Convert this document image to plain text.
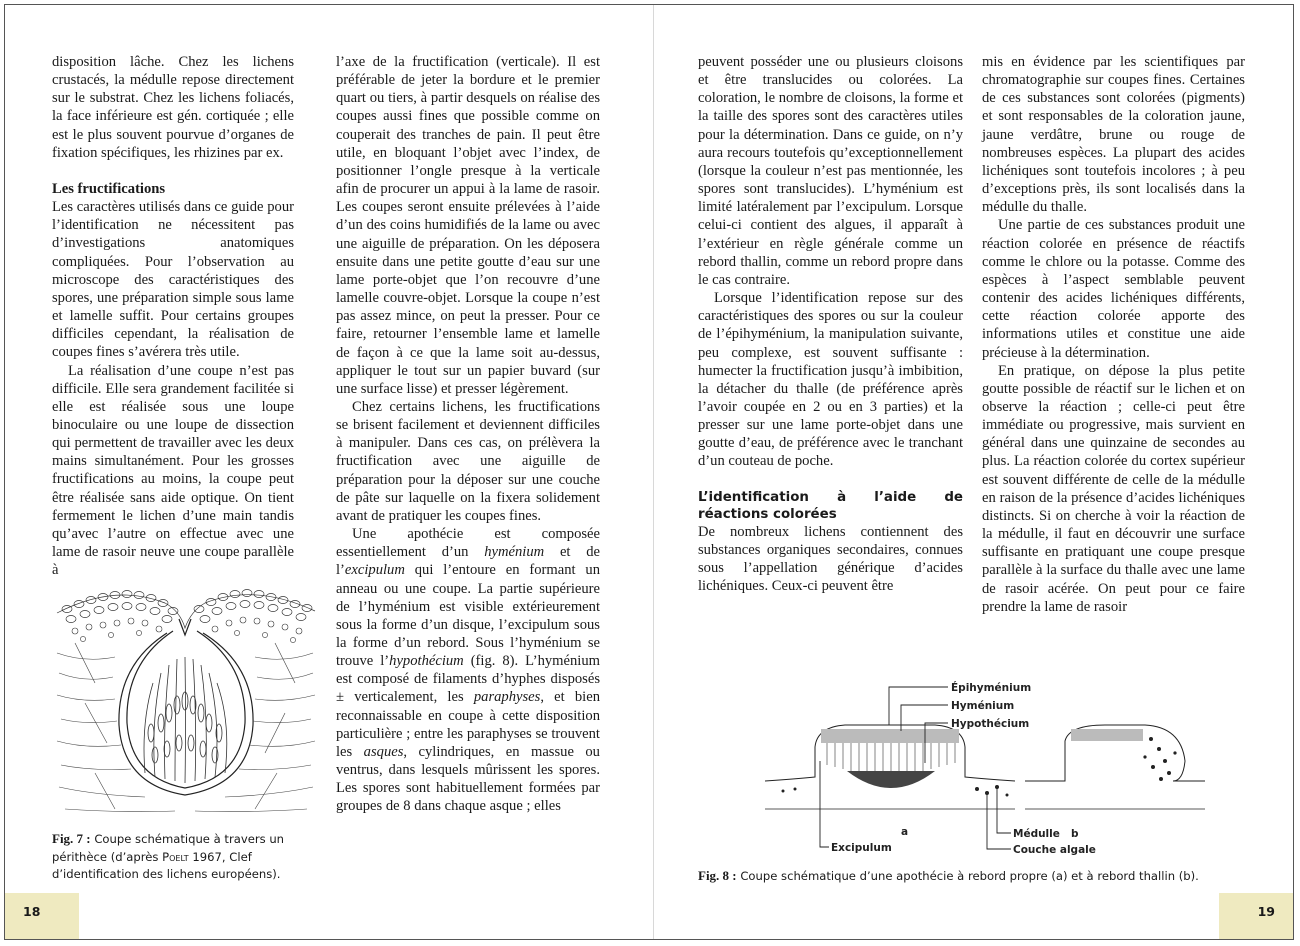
disposition lâche. Chez les lichens crustacés, la médulle repose directement sur le substrat. Chez les lichens foliacés, la face inférieure est gén. cortiquée ; elle est le plus souvent pourvue d’organes de fixation spécifiques, les rhizines par ex.

Les fructifications

Les caractères utilisés dans ce guide pour l’identification ne nécessitent pas d’investigations anatomiques compliquées. Pour l’observation au microscope des caractéristiques des spores, une préparation simple sous lame et lamelle suffit. Pour certains groupes difficiles cependant, la réalisation de coupes fines s’avérera très utile.

La réalisation d’une coupe n’est pas difficile. Elle sera grandement facilitée si elle est réalisée sous une loupe binoculaire ou une loupe de dissection qui permettent de travailler avec les deux mains simultanément. Pour les grosses fructifications au moins, la coupe peut être réalisée sans aide optique. On tient fermement le lichen d’une main tandis qu’avec l’autre on effectue avec une lame de rasoir neuve une coupe parallèle à

Fig. 7 : Coupe schématique à travers un périthèce (d’après Poelt 1967, Clef d’identification des lichens européens).

l’axe de la fructification (verticale). Il est préférable de jeter la bordure et le premier quart ou tiers, à partir desquels on réalise des coupes aussi fines que possible comme on couperait des tranches de pain. Il peut être utile, en bloquant l’objet avec l’index, de positionner l’ongle presque à la verticale afin de procurer un appui à la lame de rasoir. Les coupes seront ensuite prélevées à l’aide d’un des coins humidifiés de la lame ou avec une aiguille de préparation. On les déposera ensuite dans une petite goutte d’eau sur une lame porte-objet que l’on recouvre d’une lamelle couvre-objet. Lorsque la coupe n’est pas assez mince, on peut la presser. Pour ce faire, retourner l’ensemble lame et lamelle de façon à ce que la lame soit au-dessus, appliquer le tout sur un papier buvard (sur une surface lisse) et presser légèrement.

Chez certains lichens, les fructifications se brisent facilement et deviennent difficiles à manipuler. Dans ces cas, on prélèvera la fructification avec une aiguille de préparation pour la déposer sur une couche de pâte sur laquelle on la fixera solidement avant de pratiquer les coupes fines.

Une apothécie est composée essentiellement d’un hyménium et de l’excipulum qui l’entoure en formant un anneau ou une coupe. La partie supérieure de l’hyménium est visible extérieurement sous la forme d’un disque, l’excipulum sous la forme d’un rebord. Sous l’hyménium se trouve l’hypothécium (fig. 8). L’hyménium est composé de filaments d’hyphes disposés ± verticalement, les paraphyses, et bien reconnaissable en coupe à cette disposition particulière ; entre les paraphyses se trouvent les asques, cylindriques, en massue ou ventrus, dans lesquels mûrissent les spores. Les spores sont habituellement formées par groupes de 8 dans chaque asque ; elles

peuvent posséder une ou plusieurs cloisons et être translucides ou colorées. La coloration, le nombre de cloisons, la forme et la taille des spores sont des caractères utiles pour la détermination. Dans ce guide, on n’y aura recours toutefois qu’exceptionnellement (lorsque la couleur n’est pas mentionnée, les spores sont translucides). L’hyménium est limité latéralement par l’excipulum. Lorsque celui-ci contient des algues, il apparaît à l’extérieur en règle générale comme un rebord thallin, comme un rebord propre dans le cas contraire.

Lorsque l’identification repose sur des caractéristiques des spores ou sur la couleur de l’épihyménium, la manipulation suivante, peu complexe, est souvent suffisante : humecter la fructification jusqu’à imbibition, la détacher du thalle (de préférence après l’avoir coupée en 2 ou en 3 parties) et la presser sur une lame porte-objet dans une goutte d’eau, de préférence avec le tranchant d’un couteau de poche.

L’identification à l’aide de réactions colorées

De nombreux lichens contiennent des substances organiques secondaires, connues sous l’appellation générique d’acides lichéniques. Ceux-ci peuvent être

mis en évidence par les scientifiques par chromatographie sur coupes fines. Certaines de ces substances sont colorées (pigments) et sont responsables de la coloration jaune, jaune verdâtre, brune ou rouge de nombreuses espèces. La plupart des acides lichéniques sont toutefois incolores ; à peu d’exceptions près, ils sont localisés dans la médulle du thalle.

Une partie de ces substances produit une réaction colorée en présence de réactifs comme le chlore ou la potasse. Comme des espèces à l’aspect semblable peuvent contenir des acides lichéniques différents, cette réaction colorée apporte des informations utiles et constitue une aide précieuse à la détermination.

En pratique, on dépose la plus petite goutte possible de réactif sur le lichen et on observe la réaction ; celle-ci peut être immédiate ou progressive, mais survient en général dans une quinzaine de secondes au plus. La réaction colorée du cortex supérieur est souvent différente de celle de la médulle en raison de la présence d’acides lichéniques distincts. Si on cherche à voir la réaction de la médulle, il faut en découvrir une surface suffisante en pratiquant une coupe presque parallèle à la surface du thalle avec une lame de rasoir acérée. On peut pour ce faire prendre la lame de rasoir

Épihyménium
Hyménium
Hypothécium
Excipulum
a	Médulle b
Couche algale
Fig. 8 : Coupe schématique d’une apothécie à rebord propre (a) et à rebord thallin (b).
18	19
